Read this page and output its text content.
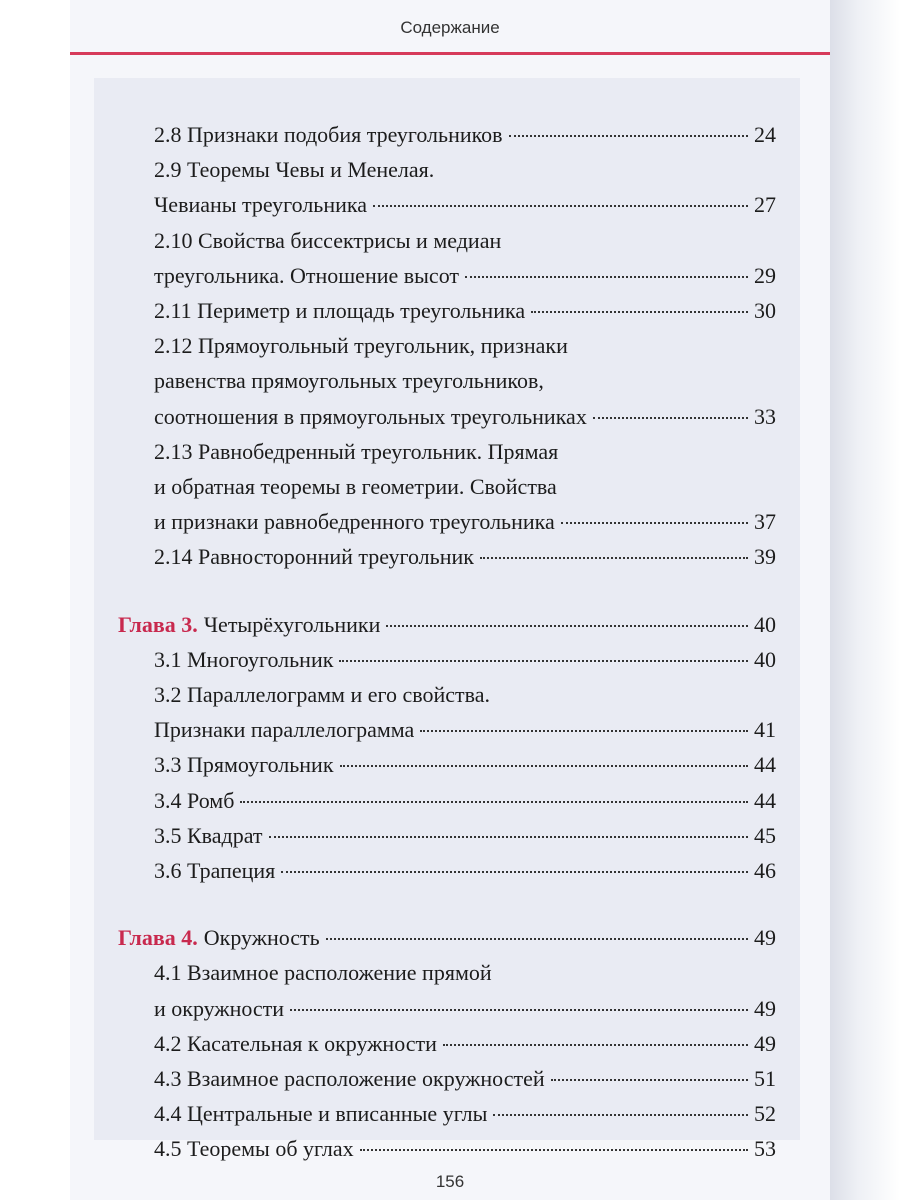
Содержание
2.8 Признаки подобия треугольников	24
2.9 Теоремы Чевы и Менелая.
Чевианы треугольника	27
2.10 Свойства биссектрисы и медиан
треугольника. Отношение высот	29
2.11 Периметр и площадь треугольника	30
2.12 Прямоугольный треугольник, признаки
равенства прямоугольных треугольников,
соотношения в прямоугольных треугольниках	33
2.13 Равнобедренный треугольник. Прямая
и обратная теоремы в геометрии. Свойства
и признаки равнобедренного треугольника	37
2.14 Равносторонний треугольник	39
Глава 3. Четырёхугольники	40
3.1 Многоугольник	40
3.2 Параллелограмм и его свойства.
Признаки параллелограмма	41
3.3 Прямоугольник	44
3.4 Ромб	44
3.5 Квадрат	45
3.6 Трапеция	46
Глава 4. Окружность	49
4.1 Взаимное расположение прямой
и окружности	49
4.2 Касательная к окружности	49
4.3 Взаимное расположение окружностей	51
4.4 Центральные и вписанные углы	52
4.5 Теоремы об углах	53
156
